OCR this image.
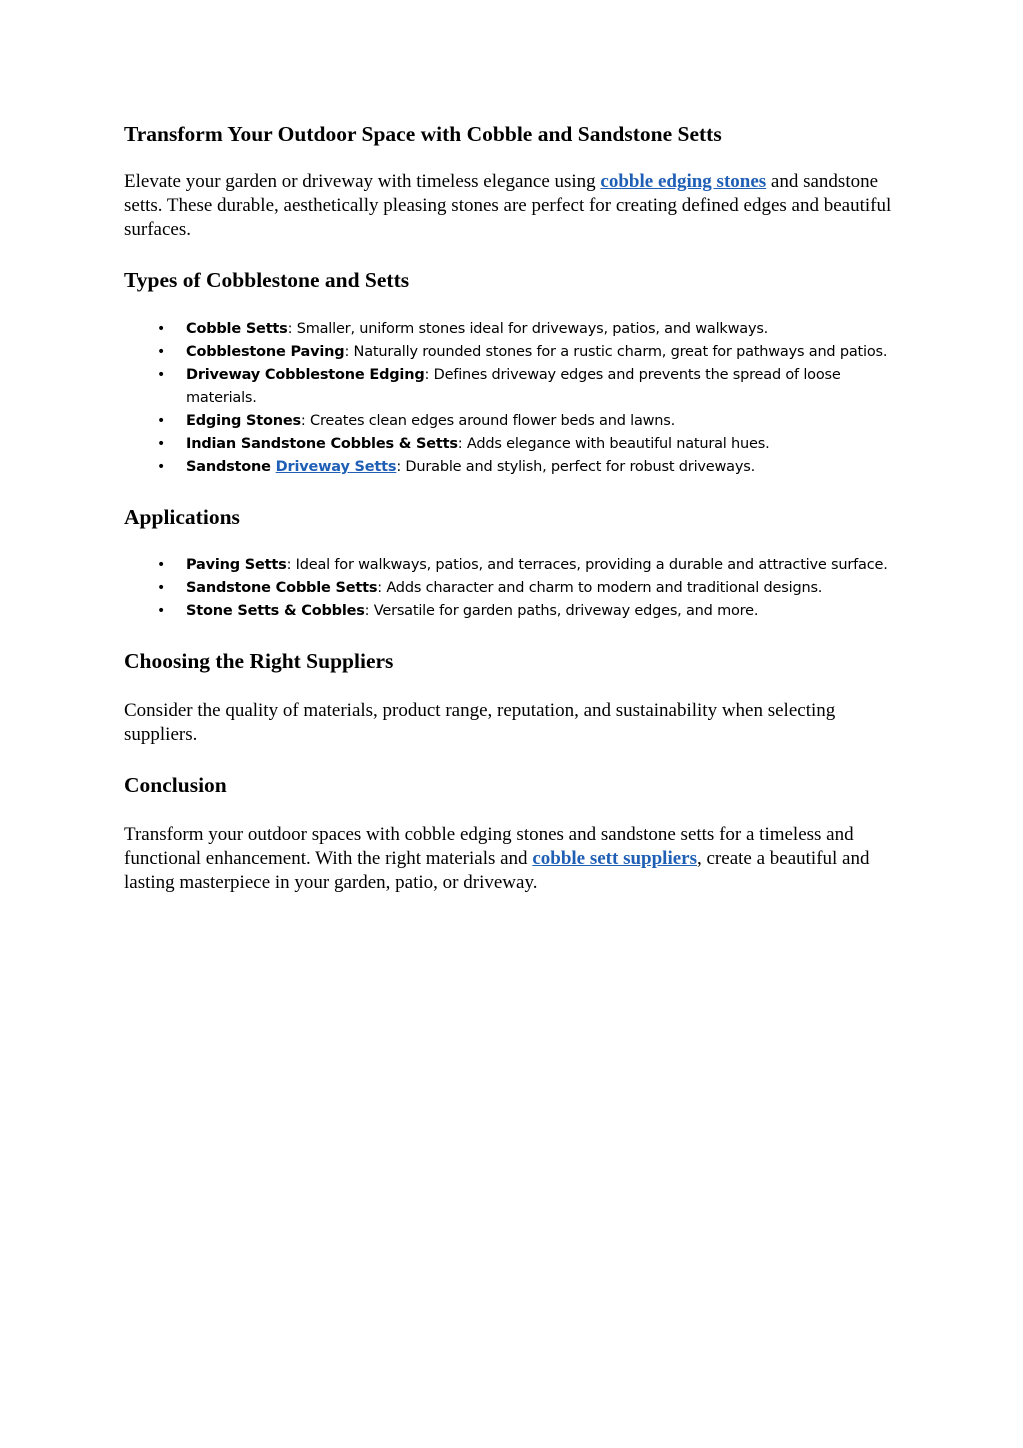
Transform Your Outdoor Space with Cobble and Sandstone Setts

Elevate your garden or driveway with timeless elegance using cobble edging stones and sandstone setts. These durable, aesthetically pleasing stones are perfect for creating defined edges and beautiful surfaces.

Types of Cobblestone and Setts
• Cobble Setts: Smaller, uniform stones ideal for driveways, patios, and walkways.
• Cobblestone Paving: Naturally rounded stones for a rustic charm, great for pathways and patios.
• Driveway Cobblestone Edging: Defines driveway edges and prevents the spread of loose materials.
• Edging Stones: Creates clean edges around flower beds and lawns.
• Indian Sandstone Cobbles & Setts: Adds elegance with beautiful natural hues.
• Sandstone Driveway Setts: Durable and stylish, perfect for robust driveways.
Applications
• Paving Setts: Ideal for walkways, patios, and terraces, providing a durable and attractive surface.
• Sandstone Cobble Setts: Adds character and charm to modern and traditional designs.
• Stone Setts & Cobbles: Versatile for garden paths, driveway edges, and more.
Choosing the Right Suppliers

Consider the quality of materials, product range, reputation, and sustainability when selecting suppliers.

Conclusion

Transform your outdoor spaces with cobble edging stones and sandstone setts for a timeless and functional enhancement. With the right materials and cobble sett suppliers, create a beautiful and lasting masterpiece in your garden, patio, or driveway.
